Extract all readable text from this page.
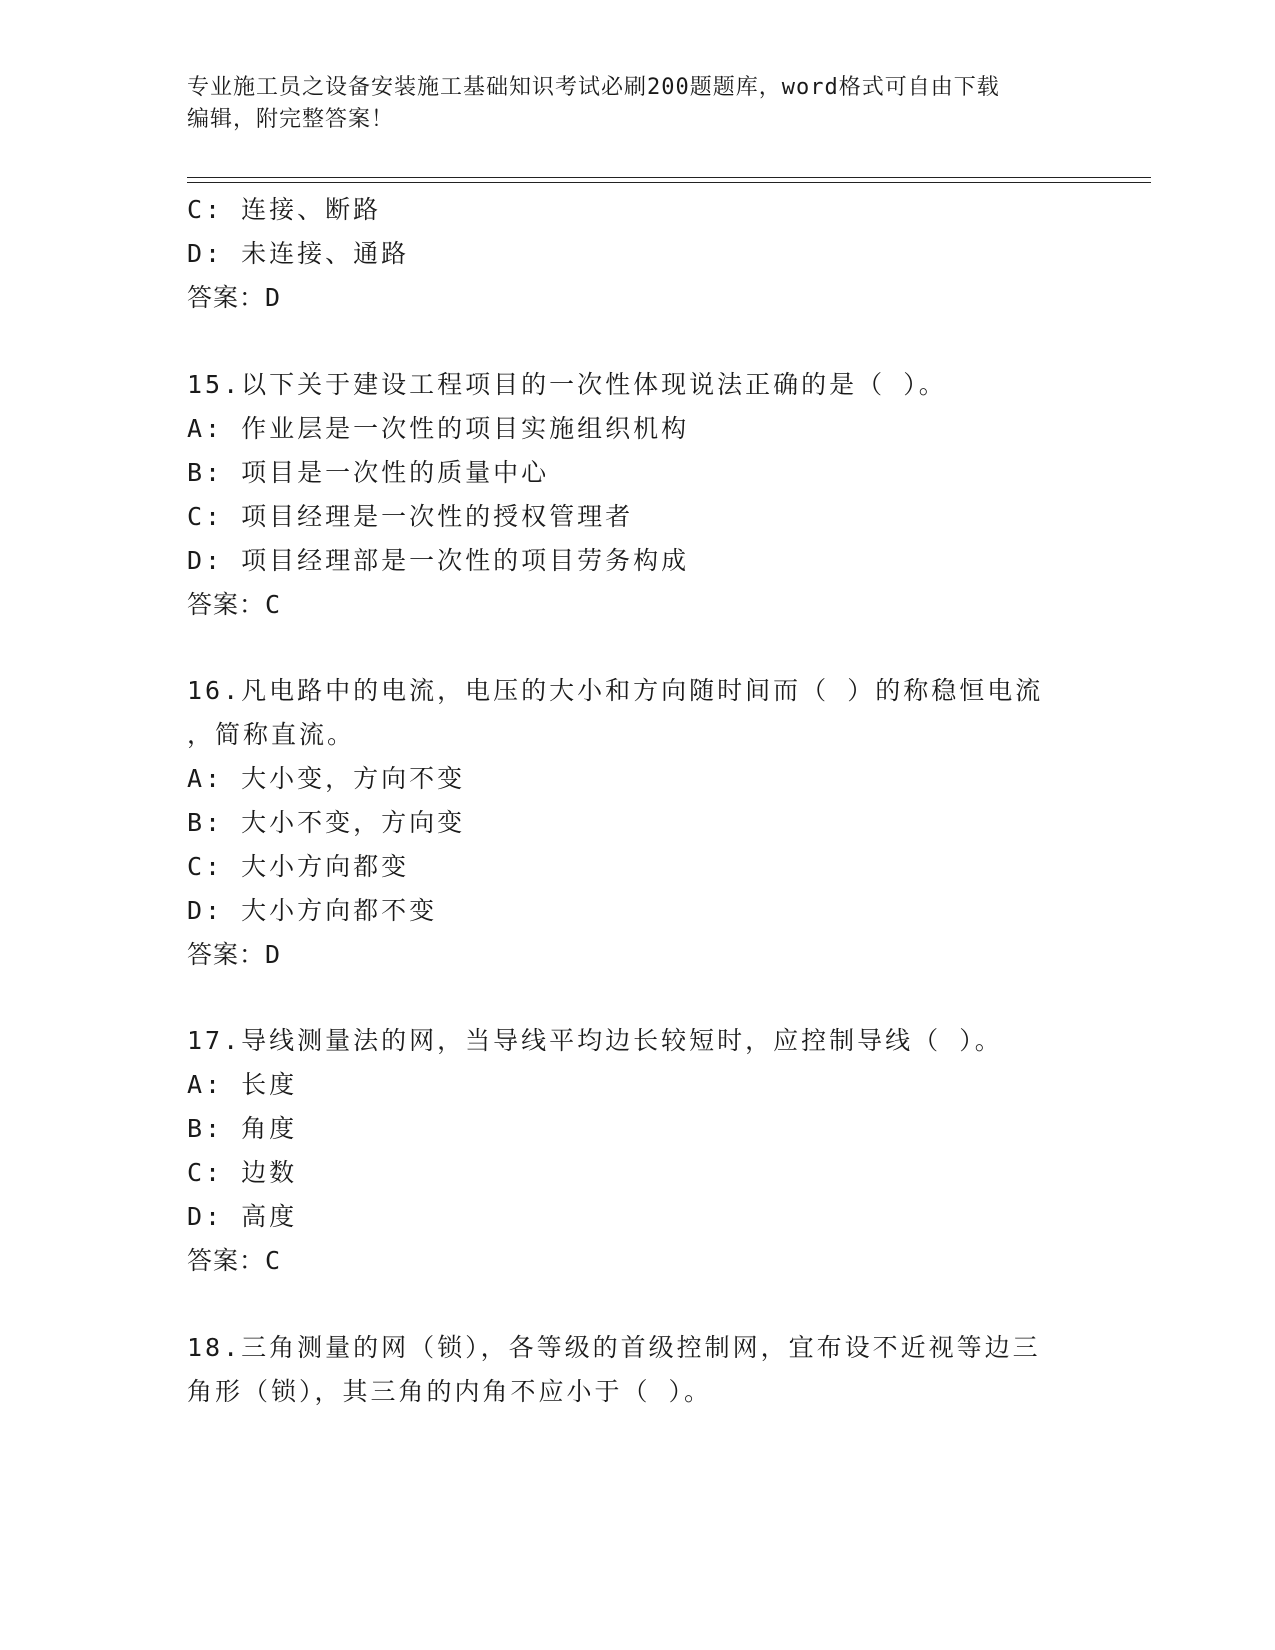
专业施工员之设备安装施工基础知识考试必刷200题题库，word格式可自由下载
编辑，附完整答案！
C: 连接、断路
D: 未连接、通路
答案：D
15.以下关于建设工程项目的一次性体现说法正确的是（ ）。
A: 作业层是一次性的项目实施组织机构
B: 项目是一次性的质量中心
C: 项目经理是一次性的授权管理者
D: 项目经理部是一次性的项目劳务构成
答案：C
16.凡电路中的电流，电压的大小和方向随时间而（ ）的称稳恒电流
，简称直流。
A: 大小变，方向不变
B: 大小不变，方向变
C: 大小方向都变
D: 大小方向都不变
答案：D
17.导线测量法的网，当导线平均边长较短时，应控制导线（ ）。
A: 长度
B: 角度
C: 边数
D: 高度
答案：C
18.三角测量的网（锁），各等级的首级控制网，宜布设不近视等边三
角形（锁），其三角的内角不应小于（ ）。
